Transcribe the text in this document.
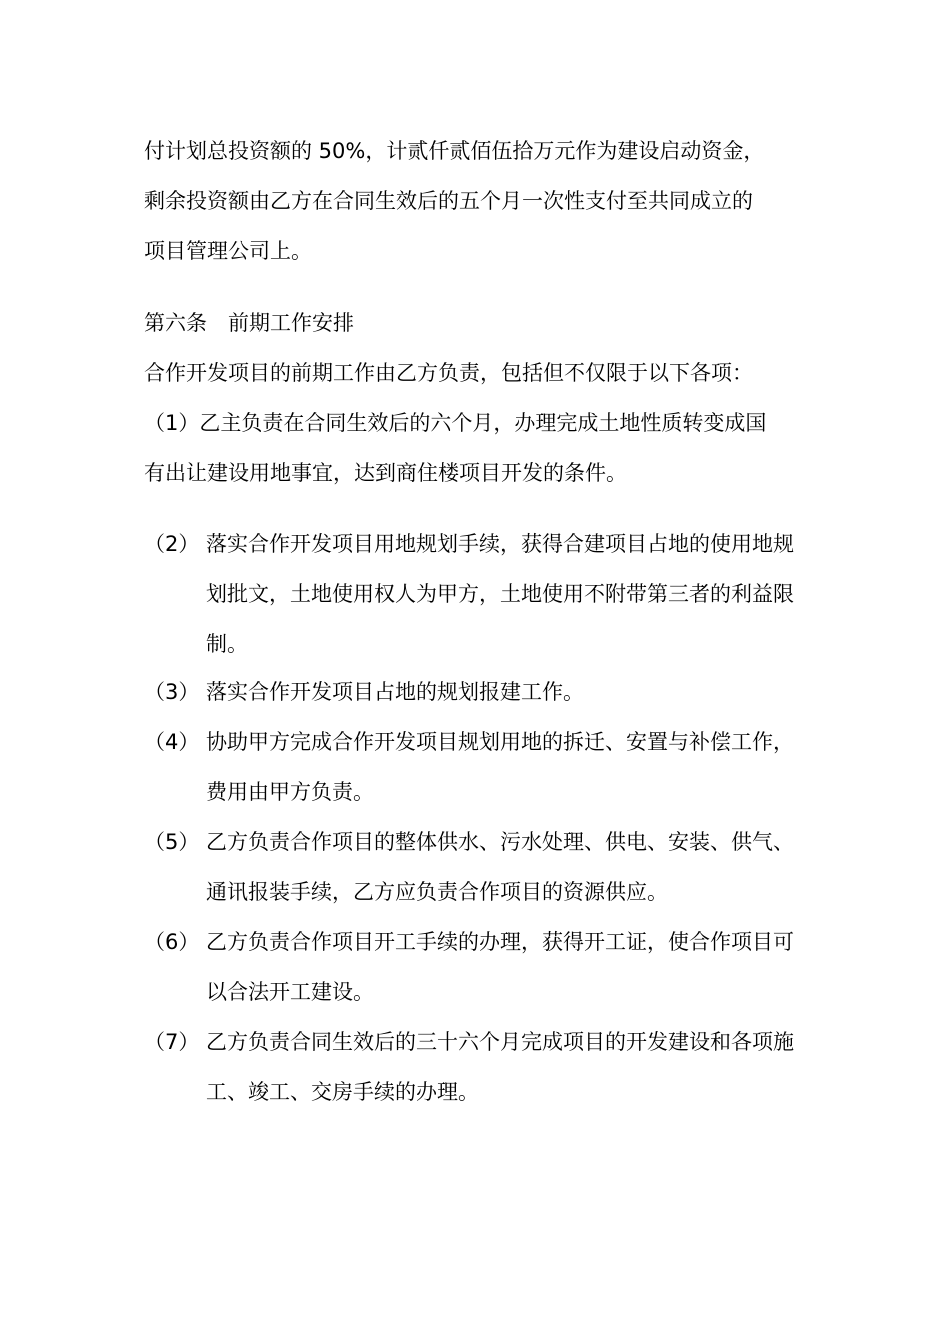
付计划总投资额的 50%，计贰仟贰佰伍拾万元作为建设启动资金，
剩余投资额由乙方在合同生效后的五个月一次性支付至共同成立的
项目管理公司上。
第六条　前期工作安排
合作开发项目的前期工作由乙方负责，包括但不仅限于以下各项：
（1）乙主负责在合同生效后的六个月，办理完成土地性质转变成国
有出让建设用地事宜，达到商住楼项目开发的条件。
（2） 落实合作开发项目用地规划手续，获得合建项目占地的使用地规划批文，土地使用权人为甲方，土地使用不附带第三者的利益限制。
（3） 落实合作开发项目占地的规划报建工作。
（4） 协助甲方完成合作开发项目规划用地的拆迁、安置与补偿工作，费用由甲方负责。
（5） 乙方负责合作项目的整体供水、污水处理、供电、安装、供气、通讯报装手续，乙方应负责合作项目的资源供应。
（6） 乙方负责合作项目开工手续的办理，获得开工证，使合作项目可以合法开工建设。
（7） 乙方负责合同生效后的三十六个月完成项目的开发建设和各项施工、竣工、交房手续的办理。
